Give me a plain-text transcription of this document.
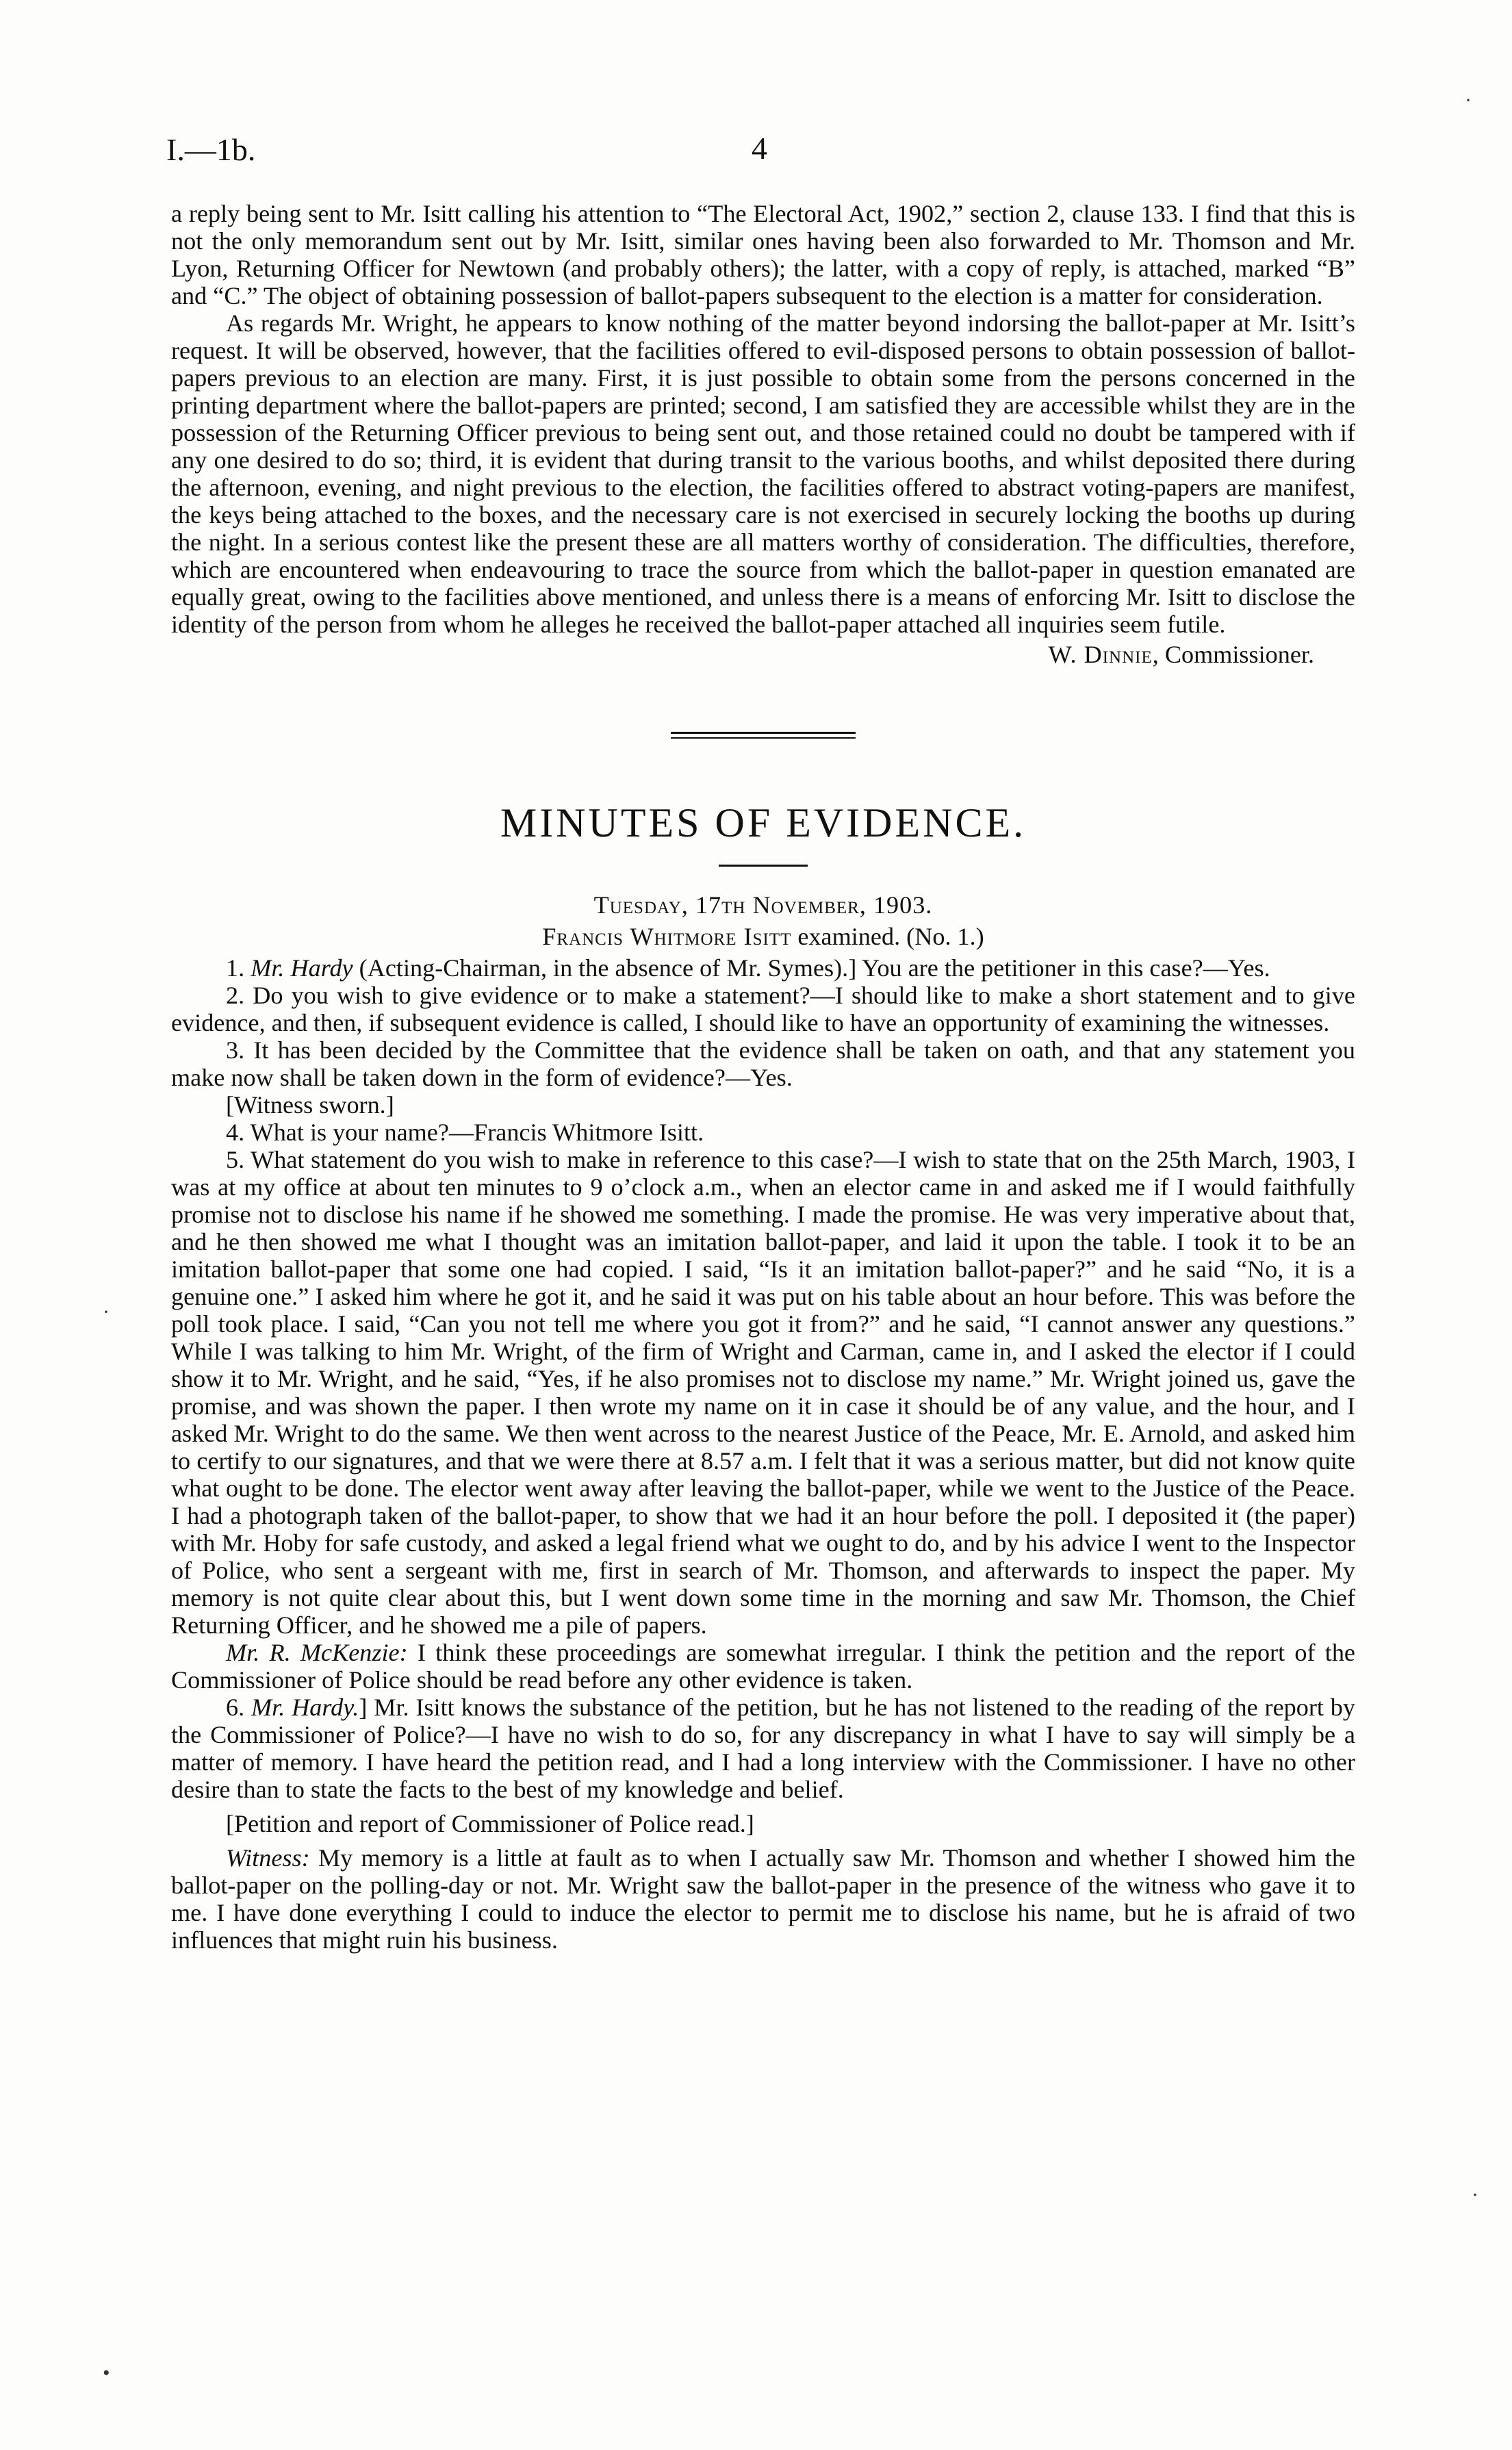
I.—1b.	4

a reply being sent to Mr. Isitt calling his attention to “The Electoral Act, 1902,” section 2, clause 133. I find that this is not the only memorandum sent out by Mr. Isitt, similar ones having been also forwarded to Mr. Thomson and Mr. Lyon, Returning Officer for Newtown (and probably others); the latter, with a copy of reply, is attached, marked “B” and “C.” The object of obtaining possession of ballot-papers subsequent to the election is a matter for consideration.

As regards Mr. Wright, he appears to know nothing of the matter beyond indorsing the ballot-paper at Mr. Isitt’s request. It will be observed, however, that the facilities offered to evil-disposed persons to obtain possession of ballot-papers previous to an election are many. First, it is just possible to obtain some from the persons concerned in the printing department where the ballot-papers are printed; second, I am satisfied they are accessible whilst they are in the possession of the Returning Officer previous to being sent out, and those retained could no doubt be tampered with if any one desired to do so; third, it is evident that during transit to the various booths, and whilst deposited there during the afternoon, evening, and night previous to the election, the facilities offered to abstract voting-papers are manifest, the keys being attached to the boxes, and the necessary care is not exercised in securely locking the booths up during the night. In a serious contest like the present these are all matters worthy of consideration. The difficulties, therefore, which are encountered when endeavouring to trace the source from which the ballot-paper in question emanated are equally great, owing to the facilities above mentioned, and unless there is a means of enforcing Mr. Isitt to disclose the identity of the person from whom he alleges he received the ballot-paper attached all inquiries seem futile.

W. Dinnie, Commissioner.
MINUTES OF EVIDENCE.
Tuesday, 17th November, 1903.
Francis Whitmore Isitt examined. (No. 1.)

1. Mr. Hardy (Acting-Chairman, in the absence of Mr. Symes).] You are the petitioner in this case?—Yes.

2. Do you wish to give evidence or to make a statement?—I should like to make a short statement and to give evidence, and then, if subsequent evidence is called, I should like to have an opportunity of examining the witnesses.

3. It has been decided by the Committee that the evidence shall be taken on oath, and that any statement you make now shall be taken down in the form of evidence?—Yes.

[Witness sworn.]

4. What is your name?—Francis Whitmore Isitt.

5. What statement do you wish to make in reference to this case?—I wish to state that on the 25th March, 1903, I was at my office at about ten minutes to 9 o’clock a.m., when an elector came in and asked me if I would faithfully promise not to disclose his name if he showed me something. I made the promise. He was very imperative about that, and he then showed me what I thought was an imitation ballot-paper, and laid it upon the table. I took it to be an imitation ballot-paper that some one had copied. I said, “Is it an imitation ballot-paper?” and he said “No, it is a genuine one.” I asked him where he got it, and he said it was put on his table about an hour before. This was before the poll took place. I said, “Can you not tell me where you got it from?” and he said, “I cannot answer any questions.” While I was talking to him Mr. Wright, of the firm of Wright and Carman, came in, and I asked the elector if I could show it to Mr. Wright, and he said, “Yes, if he also promises not to disclose my name.” Mr. Wright joined us, gave the promise, and was shown the paper. I then wrote my name on it in case it should be of any value, and the hour, and I asked Mr. Wright to do the same. We then went across to the nearest Justice of the Peace, Mr. E. Arnold, and asked him to certify to our signatures, and that we were there at 8.57 a.m. I felt that it was a serious matter, but did not know quite what ought to be done. The elector went away after leaving the ballot-paper, while we went to the Justice of the Peace. I had a photograph taken of the ballot-paper, to show that we had it an hour before the poll. I deposited it (the paper) with Mr. Hoby for safe custody, and asked a legal friend what we ought to do, and by his advice I went to the Inspector of Police, who sent a sergeant with me, first in search of Mr. Thomson, and afterwards to inspect the paper. My memory is not quite clear about this, but I went down some time in the morning and saw Mr. Thomson, the Chief Returning Officer, and he showed me a pile of papers.

Mr. R. McKenzie: I think these proceedings are somewhat irregular. I think the petition and the report of the Commissioner of Police should be read before any other evidence is taken.

6. Mr. Hardy.] Mr. Isitt knows the substance of the petition, but he has not listened to the reading of the report by the Commissioner of Police?—I have no wish to do so, for any discrepancy in what I have to say will simply be a matter of memory. I have heard the petition read, and I had a long interview with the Commissioner. I have no other desire than to state the facts to the best of my knowledge and belief.

[Petition and report of Commissioner of Police read.]

Witness: My memory is a little at fault as to when I actually saw Mr. Thomson and whether I showed him the ballot-paper on the polling-day or not. Mr. Wright saw the ballot-paper in the presence of the witness who gave it to me. I have done everything I could to induce the elector to permit me to disclose his name, but he is afraid of two influences that might ruin his business.

·
·
·
•
